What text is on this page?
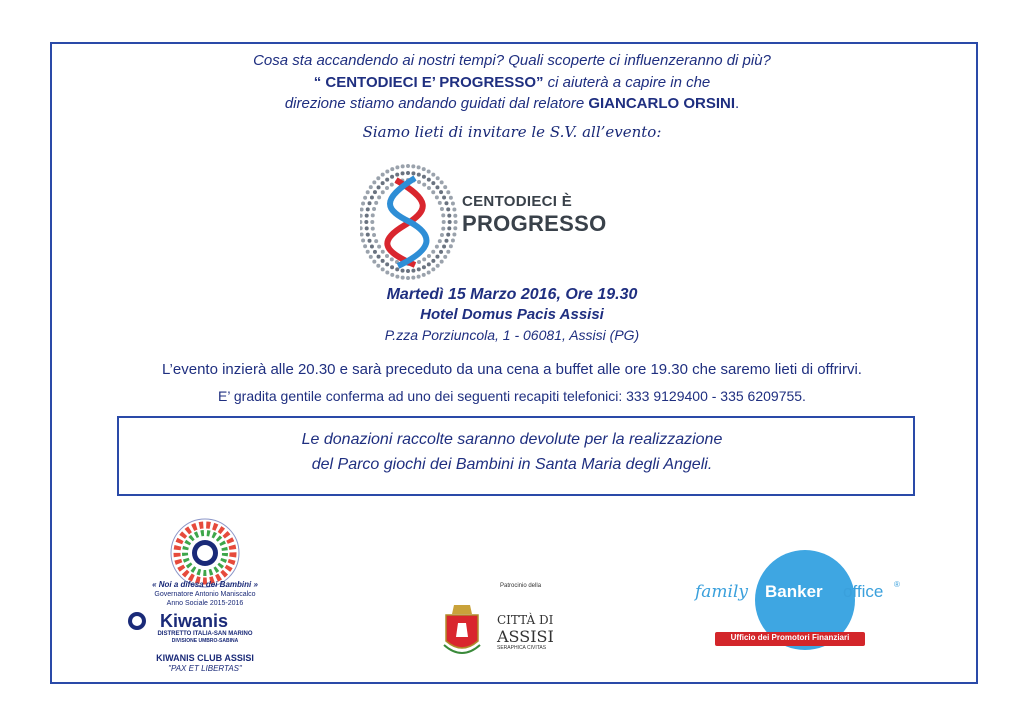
Cosa sta accandendo ai nostri tempi? Quali scoperte ci influenzeranno di più?
“ CENTODIECI E’ PROGRESSO” ci aiuterà a capire in che
direzione stiamo andando guidati dal relatore GIANCARLO ORSINI.
Siamo lieti di invitare le S.V. all’evento:
CENTODIECI È
PROGRESSO
Martedì 15 Marzo 2016, Ore 19.30
Hotel Domus Pacis Assisi
P.zza Porziuncola, 1 - 06081, Assisi (PG)
L’evento inzierà alle 20.30 e sarà preceduto da una cena a buffet alle ore 19.30 che saremo lieti di offrirvi.
E’ gradita gentile conferma ad uno dei seguenti recapiti telefonici: 333 9129400 - 335 6209755.
Le donazioni raccolte saranno devolute per la realizzazione
del Parco giochi dei Bambini in Santa Maria degli Angeli.
« Noi a difesa dei Bambini »
Governatore Antonio Maniscalco
Anno Sociale 2015-2016
Kiwanis
DISTRETTO ITALIA-SAN MARINO
DIVISIONE UMBRO-SABINA
KIWANIS CLUB ASSISI
"PAX ET LIBERTAS"
Patrocinio della
CITTÀ DI
ASSISI
SERAPHICA CIVITAS
family Banker office ®
Ufficio dei Promotori Finanziari
